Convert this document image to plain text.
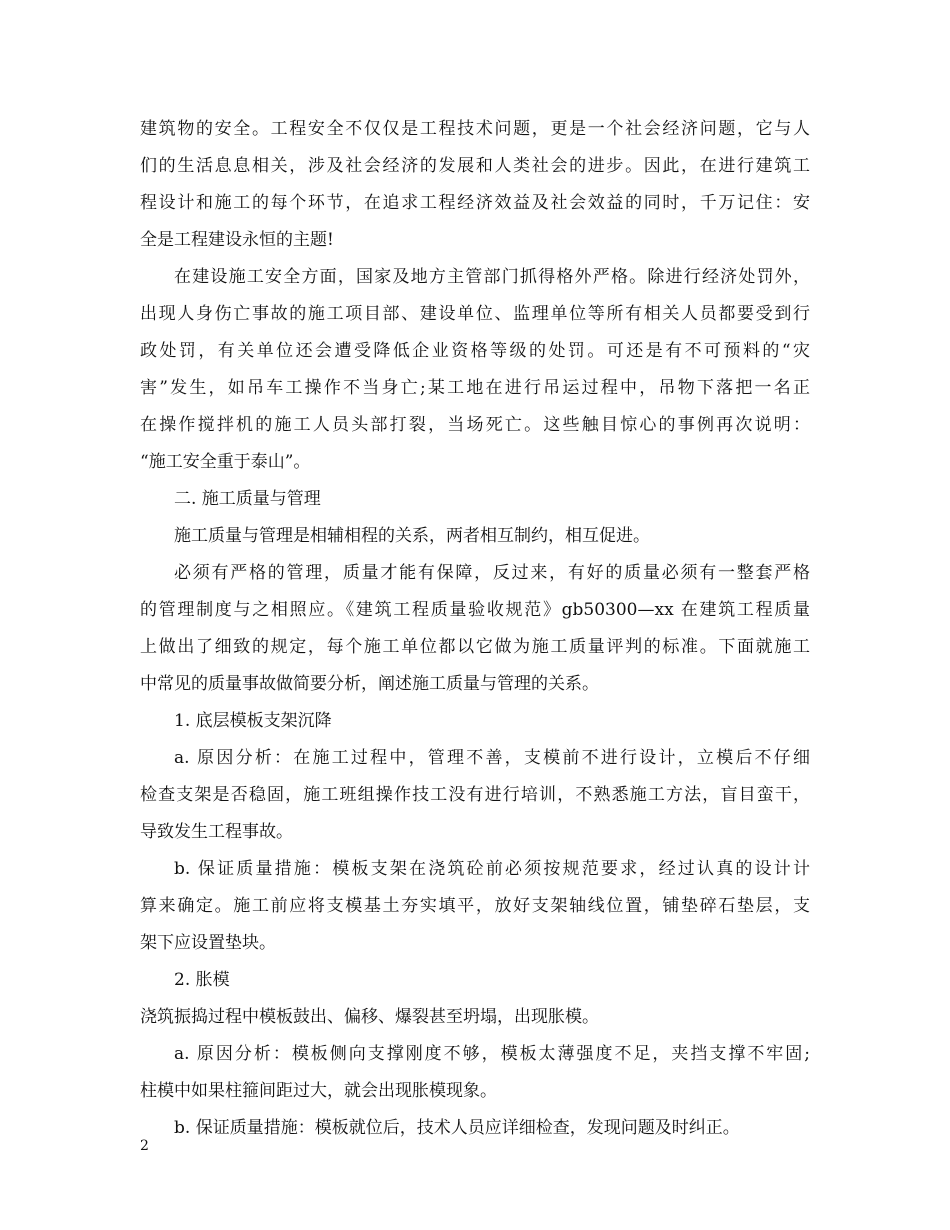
建筑物的安全。工程安全不仅仅是工程技术问题，更是一个社会经济问题，它与人
们的生活息息相关，涉及社会经济的发展和人类社会的进步。因此，在进行建筑工
程设计和施工的每个环节，在追求工程经济效益及社会效益的同时，千万记住：安
全是工程建设永恒的主题!
在建设施工安全方面，国家及地方主管部门抓得格外严格。除进行经济处罚外，
出现人身伤亡事故的施工项目部、建设单位、监理单位等所有相关人员都要受到行
政处罚，有关单位还会遭受降低企业资格等级的处罚。可还是有不可预料的“灾
害”发生，如吊车工操作不当身亡;某工地在进行吊运过程中，吊物下落把一名正
在操作搅拌机的施工人员头部打裂，当场死亡。这些触目惊心的事例再次说明：
“施工安全重于泰山”。
二. 施工质量与管理
施工质量与管理是相辅相程的关系，两者相互制约，相互促进。
必须有严格的管理，质量才能有保障，反过来，有好的质量必须有一整套严格
的管理制度与之相照应。《建筑工程质量验收规范》gb50300—xx 在建筑工程质量
上做出了细致的规定，每个施工单位都以它做为施工质量评判的标准。下面就施工
中常见的质量事故做简要分析，阐述施工质量与管理的关系。
1. 底层模板支架沉降
a. 原因分析：在施工过程中，管理不善，支模前不进行设计，立模后不仔细
检查支架是否稳固，施工班组操作技工没有进行培训，不熟悉施工方法，盲目蛮干，
导致发生工程事故。
b. 保证质量措施：模板支架在浇筑砼前必须按规范要求，经过认真的设计计
算来确定。施工前应将支模基土夯实填平，放好支架轴线位置，铺垫碎石垫层，支
架下应设置垫块。
2. 胀模
浇筑振捣过程中模板鼓出、偏移、爆裂甚至坍塌，出现胀模。
a. 原因分析：模板侧向支撑刚度不够，模板太薄强度不足，夹挡支撑不牢固;
柱模中如果柱箍间距过大，就会出现胀模现象。
b. 保证质量措施：模板就位后，技术人员应详细检查，发现问题及时纠正。
2
